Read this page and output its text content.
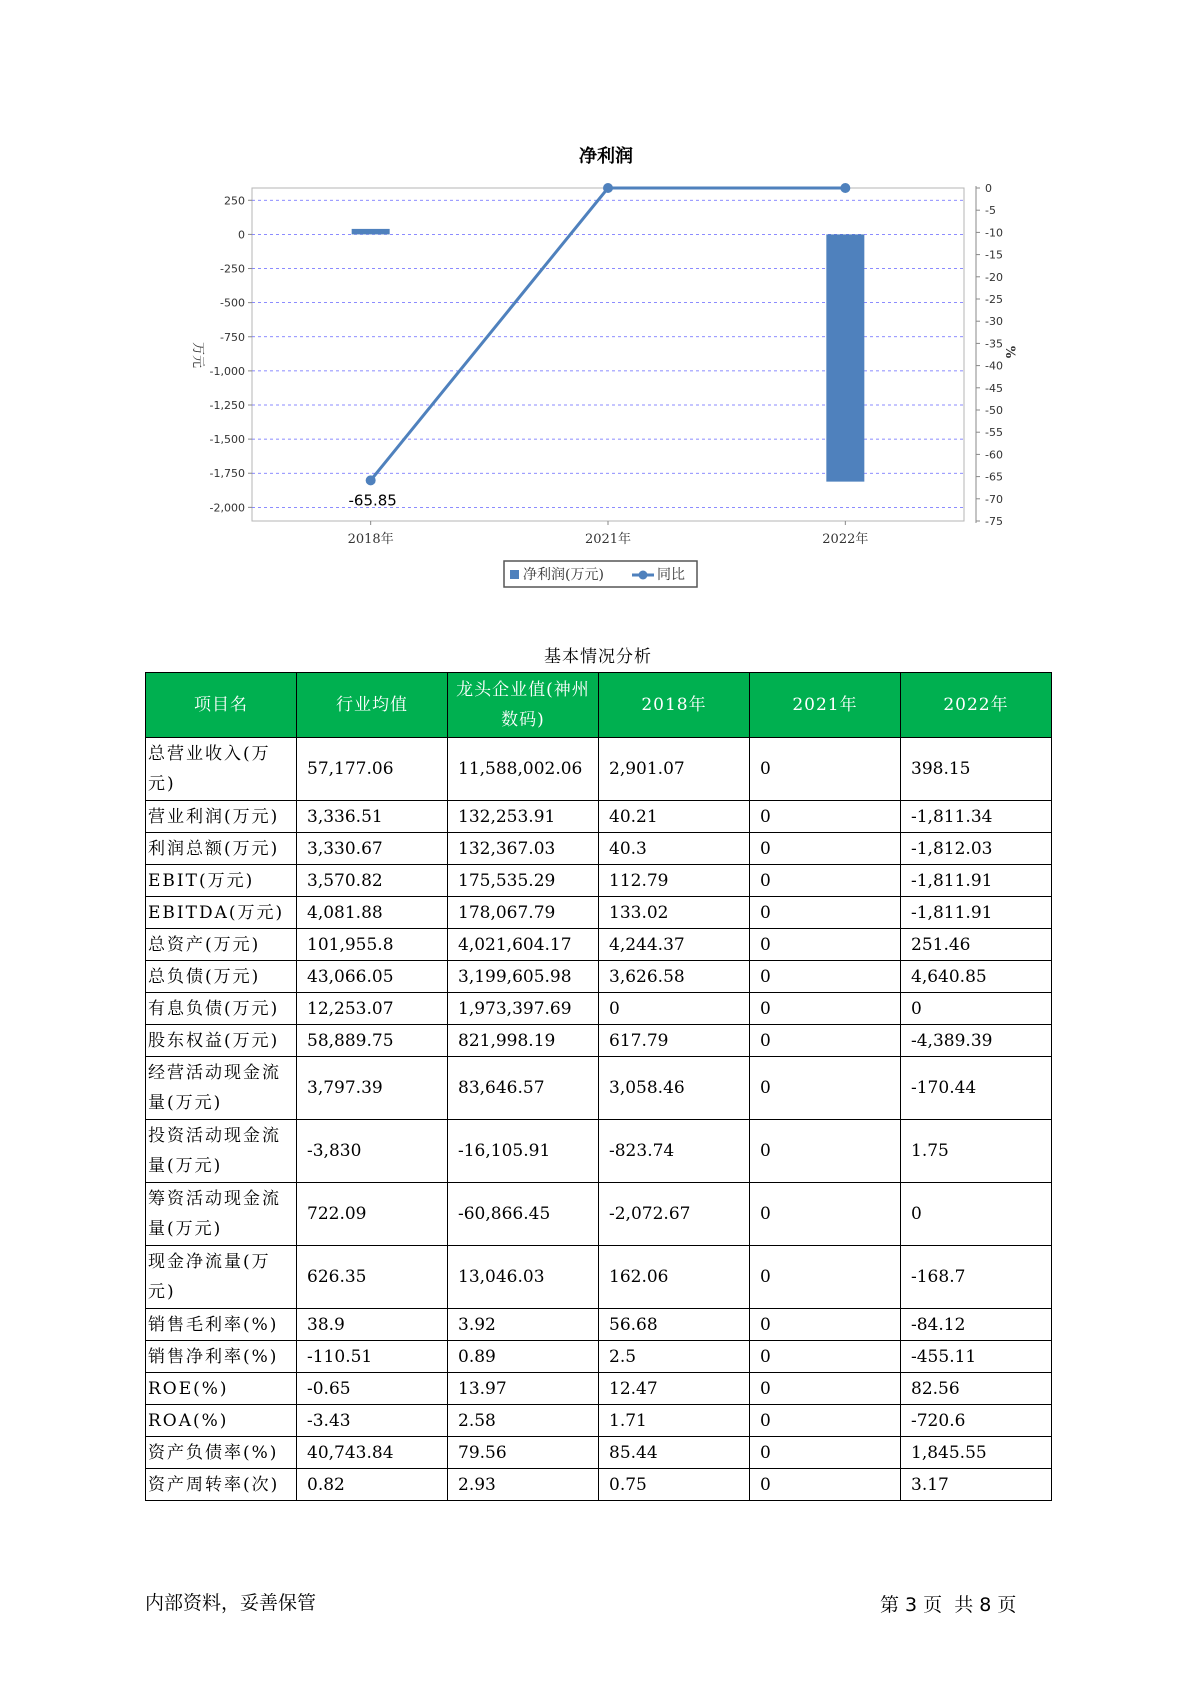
净利润
250
0
-250
-500
-750
-1,000
-1,250
-1,500
-1,750
-2,000
0
-5
-10
-15
-20
-25
-30
-35
-40
-45
-50
-55
-60
-65
-70
-75
万元	%
2018年	2021年	2022年
-65.85
净利润(万元)	同比
基本情况分析
项目名	行业均值	龙头企业值(神州数码)	2018年	2021年	2022年
总营业收入(万元)	57,177.06	11,588,002.06	2,901.07	0	398.15
营业利润(万元)	3,336.51	132,253.91	40.21	0	-1,811.34
利润总额(万元)	3,330.67	132,367.03	40.3	0	-1,812.03
EBIT(万元)	3,570.82	175,535.29	112.79	0	-1,811.91
EBITDA(万元)	4,081.88	178,067.79	133.02	0	-1,811.91
总资产(万元)	101,955.8	4,021,604.17	4,244.37	0	251.46
总负债(万元)	43,066.05	3,199,605.98	3,626.58	0	4,640.85
有息负债(万元)	12,253.07	1,973,397.69	0	0	0
股东权益(万元)	58,889.75	821,998.19	617.79	0	-4,389.39
经营活动现金流量(万元)	3,797.39	83,646.57	3,058.46	0	-170.44
投资活动现金流量(万元)	-3,830	-16,105.91	-823.74	0	1.75
筹资活动现金流量(万元)	722.09	-60,866.45	-2,072.67	0	0
现金净流量(万元)	626.35	13,046.03	162.06	0	-168.7
销售毛利率(%)	38.9	3.92	56.68	0	-84.12
销售净利率(%)	-110.51	0.89	2.5	0	-455.11
ROE(%)	-0.65	13.97	12.47	0	82.56
ROA(%)	-3.43	2.58	1.71	0	-720.6
资产负债率(%)	40,743.84	79.56	85.44	0	1,845.55
资产周转率(次)	0.82	2.93	0.75	0	3.17
内部资料，妥善保管	第 3 页  共 8 页
